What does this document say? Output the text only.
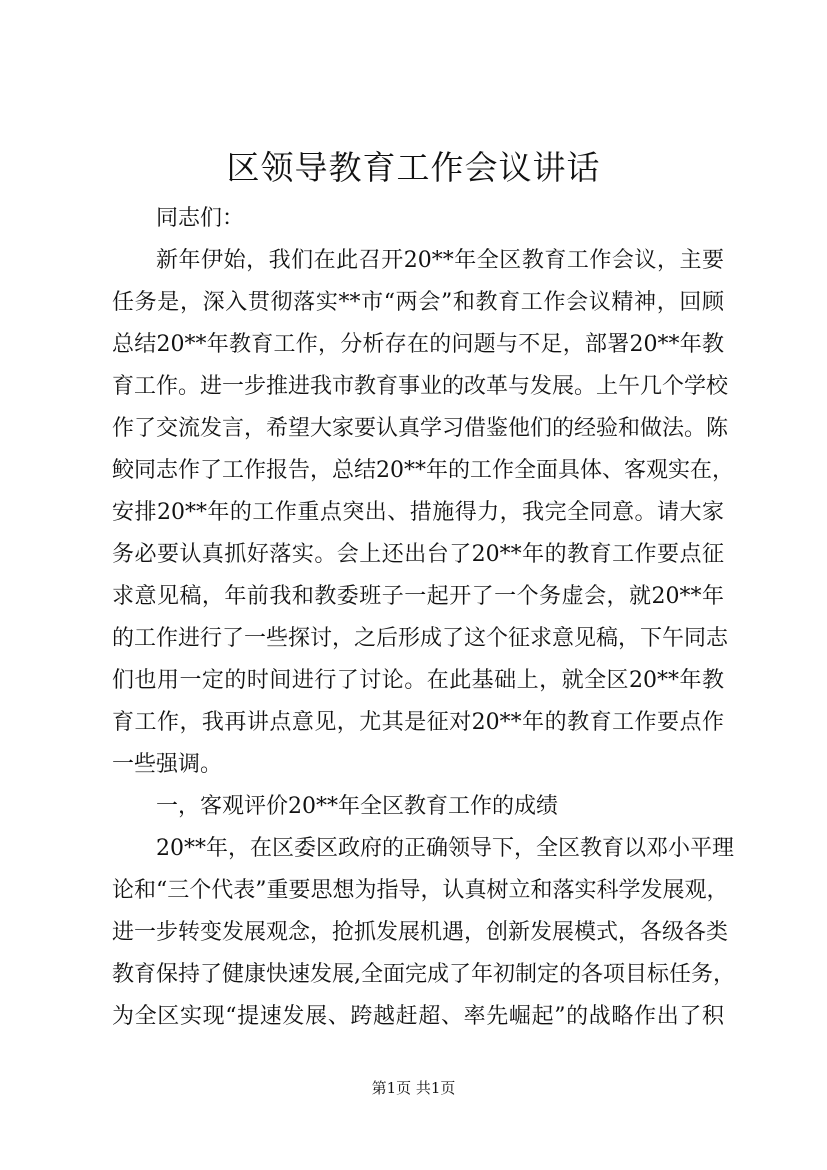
区领导教育工作会议讲话

同志们：

新年伊始，我们在此召开20**年全区教育工作会议，主要

任务是，深入贯彻落实**市“两会”和教育工作会议精神，回顾

总结20**年教育工作，分析存在的问题与不足，部署20**年教

育工作。进一步推进我市教育事业的改革与发展。上午几个学校

作了交流发言，希望大家要认真学习借鉴他们的经验和做法。陈

鲛同志作了工作报告，总结20**年的工作全面具体、客观实在，

安排20**年的工作重点突出、措施得力，我完全同意。请大家

务必要认真抓好落实。会上还出台了20**年的教育工作要点征

求意见稿，年前我和教委班子一起开了一个务虚会，就20**年

的工作进行了一些探讨，之后形成了这个征求意见稿，下午同志

们也用一定的时间进行了讨论。在此基础上，就全区20**年教

育工作，我再讲点意见，尤其是征对20**年的教育工作要点作

一些强调。

一，客观评价20**年全区教育工作的成绩

20**年，在区委区政府的正确领导下，全区教育以邓小平理

论和“三个代表”重要思想为指导，认真树立和落实科学发展观，

进一步转变发展观念，抢抓发展机遇，创新发展模式，各级各类

教育保持了健康快速发展,全面完成了年初制定的各项目标任务，

为全区实现“提速发展、跨越赶超、率先崛起”的战略作出了积

第1页 共1页
